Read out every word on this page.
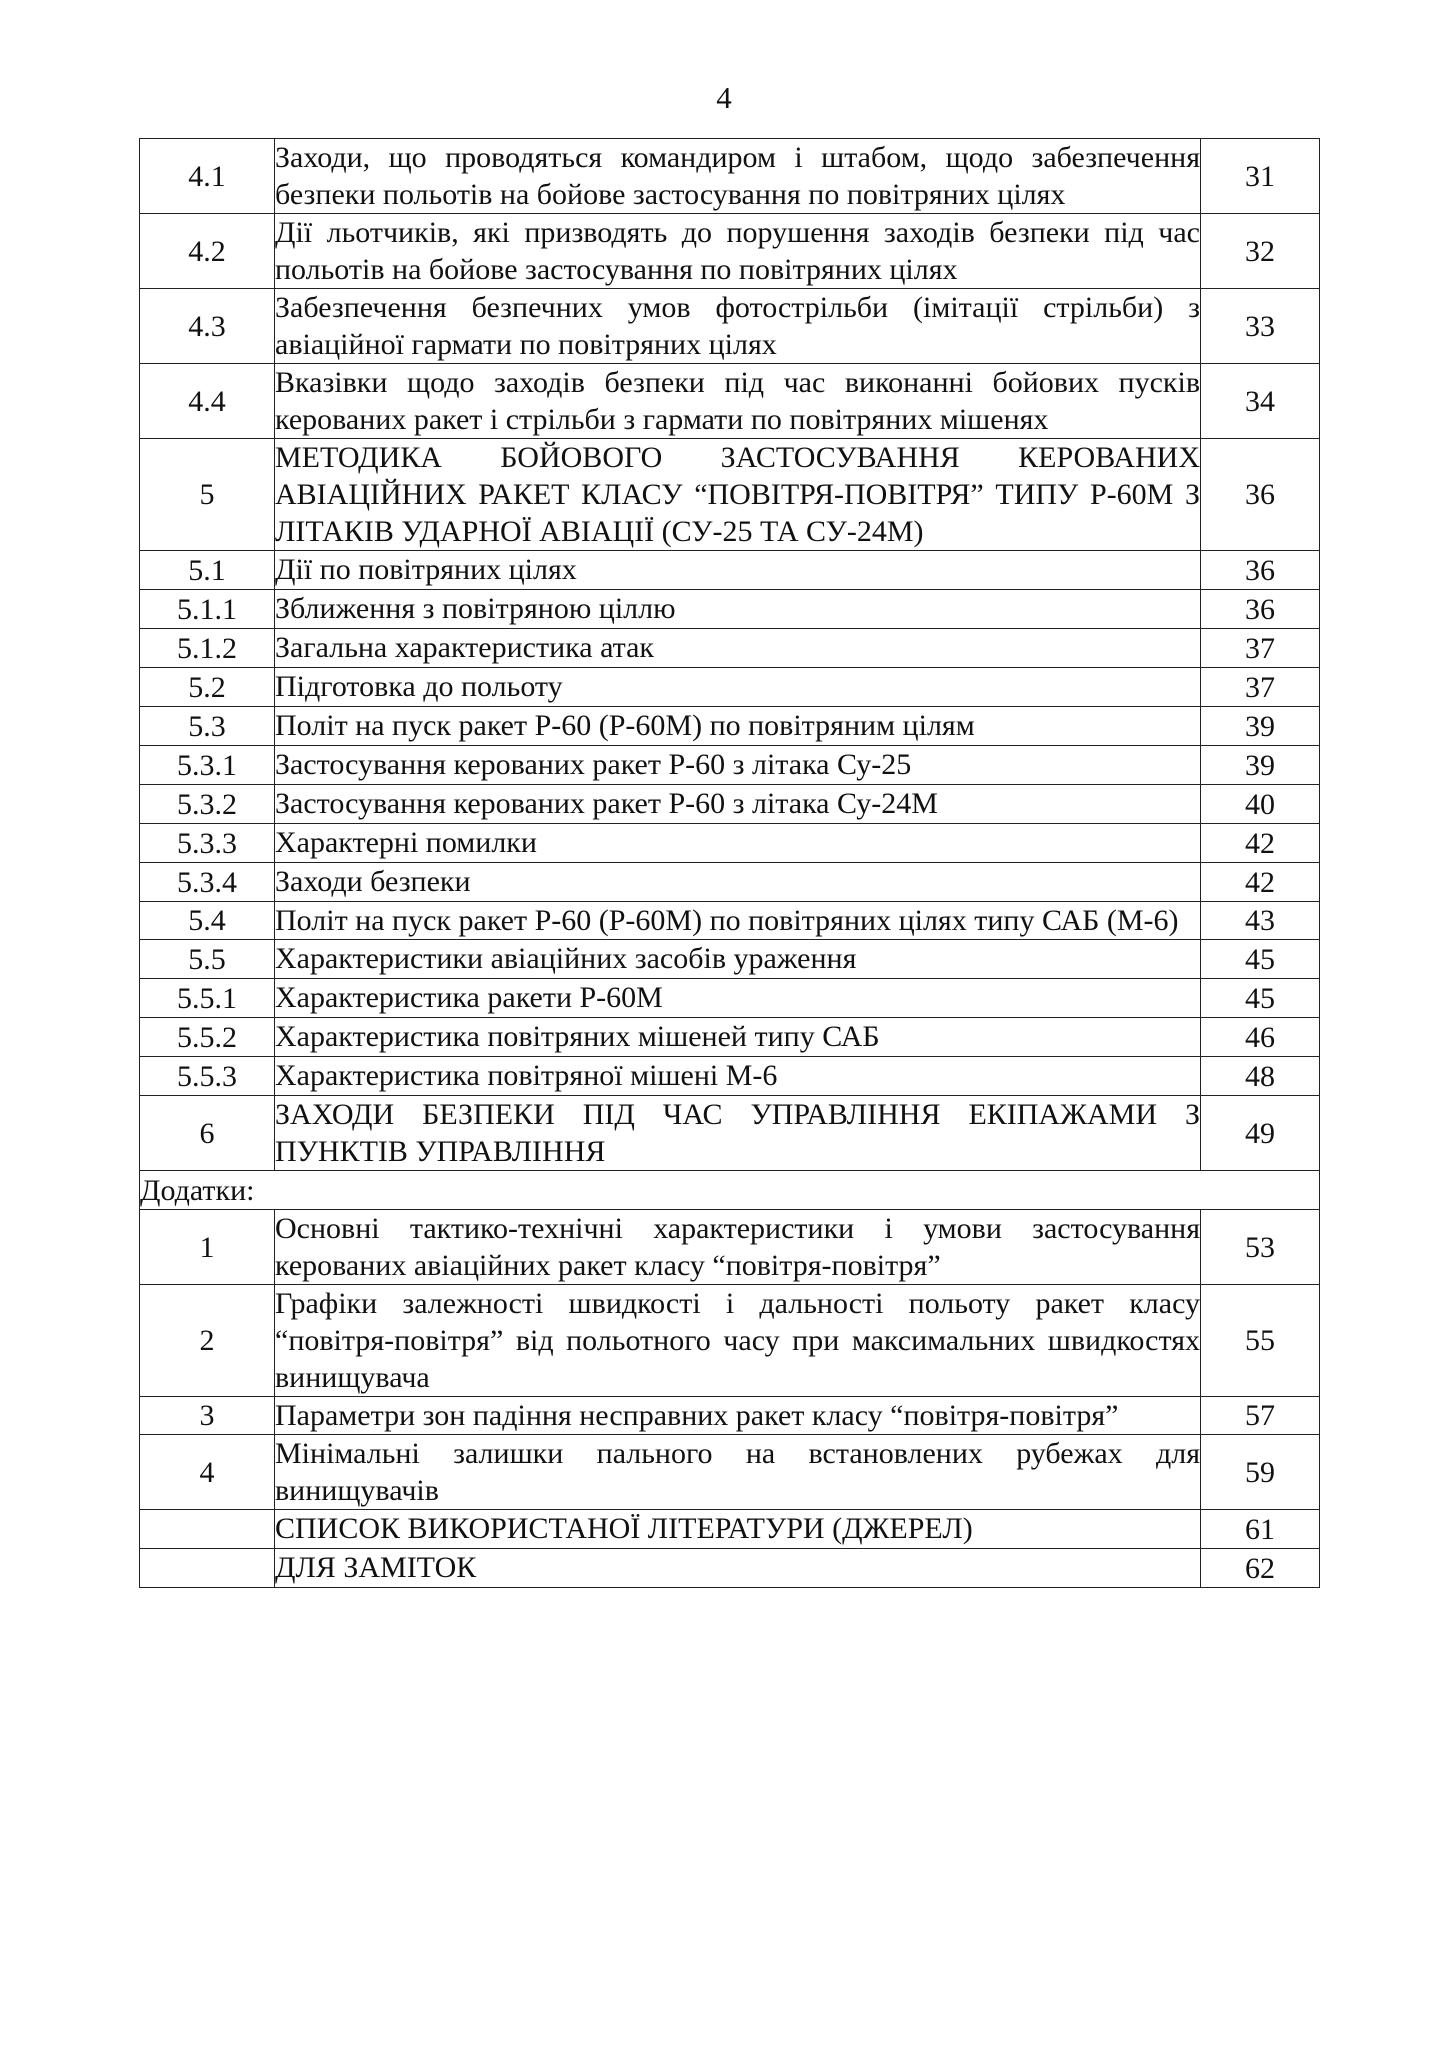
4
4.1	Заходи, що проводяться командиром і штабом, щодо забезпечення безпеки польотів на бойове застосування по повітряних цілях	31
4.2	Дії льотчиків, які призводять до порушення заходів безпеки під час польотів на бойове застосування по повітряних цілях	32
4.3	Забезпечення безпечних умов фотострільби (імітації стрільби) з авіаційної гармати по повітряних цілях	33
4.4	Вказівки щодо заходів безпеки під час виконанні бойових пусків керованих ракет і стрільби з гармати по повітряних мішенях	34
5	МЕТОДИКА БОЙОВОГО ЗАСТОСУВАННЯ КЕРОВАНИХ АВІАЦІЙНИХ РАКЕТ КЛАСУ “ПОВІТРЯ-ПОВІТРЯ” ТИПУ Р-60М З ЛІТАКІВ УДАРНОЇ АВІАЦІЇ (СУ-25 ТА СУ-24М)	36
5.1	Дії по повітряних цілях	36
5.1.1	Зближення з повітряною ціллю	36
5.1.2	Загальна характеристика атак	37
5.2	Підготовка до польоту	37
5.3	Політ на пуск ракет Р-60 (Р-60М) по повітряним цілям	39
5.3.1	Застосування керованих ракет Р-60 з літака Су-25	39
5.3.2	Застосування керованих ракет Р-60 з літака Су-24М	40
5.3.3	Характерні помилки	42
5.3.4	Заходи безпеки	42
5.4	Політ на пуск ракет Р-60 (Р-60М) по повітряних цілях типу САБ (М-6)	43
5.5	Характеристики авіаційних засобів ураження	45
5.5.1	Характеристика ракети Р-60М	45
5.5.2	Характеристика повітряних мішеней типу САБ	46
5.5.3	Характеристика повітряної мішені М-6	48
6	ЗАХОДИ БЕЗПЕКИ ПІД ЧАС УПРАВЛІННЯ ЕКІПАЖАМИ З ПУНКТІВ УПРАВЛІННЯ	49
Додатки:		
1	Основні тактико-технічні характеристики і умови застосування керованих авіаційних ракет класу “повітря-повітря”	53
2	Графіки залежності швидкості і дальності польоту ракет класу “повітря-повітря” від польотного часу при максимальних швидкостях винищувача	55
3	Параметри зон падіння несправних ракет класу “повітря-повітря”	57
4	Мінімальні залишки пального на встановлених рубежах для винищувачів	59
	СПИСОК ВИКОРИСТАНОЇ ЛІТЕРАТУРИ (ДЖЕРЕЛ)	61
	ДЛЯ ЗАМІТОК	62
